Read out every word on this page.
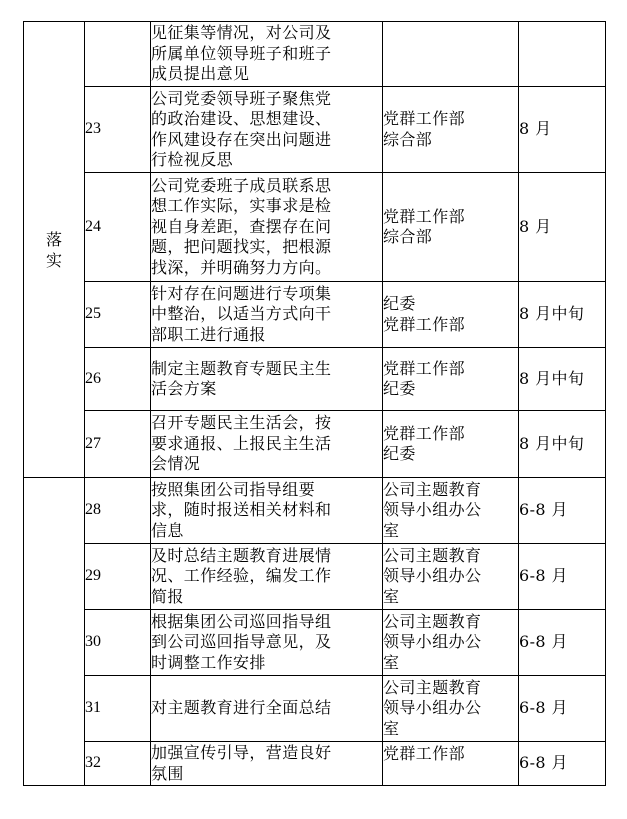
落实		见征集等情况，对公司及
所属单位领导班子和班子
成员提出意见		

	23	公司党委领导班子聚焦党
的政治建设、思想建设、
作风建设存在突出问题进
行检视反思	党群工作部
综合部	8 月
	24	公司党委班子成员联系思
想工作实际，实事求是检
视自身差距，查摆存在问
题，把问题找实，把根源
找深，并明确努力方向。	党群工作部
综合部	8 月
	25	针对存在问题进行专项集
中整治，以适当方式向干
部职工进行通报	纪委
党群工作部	8 月中旬
	26	制定主题教育专题民主生
活会方案	党群工作部
纪委	8 月中旬
	27	召开专题民主生活会，按
要求通报、上报民主生活
会情况	党群工作部
纪委	8 月中旬
	28	按照集团公司指导组要
求，随时报送相关材料和
信息	公司主题教育
领导小组办公
室	6-8 月
	29	及时总结主题教育进展情
况、工作经验，编发工作
简报	公司主题教育
领导小组办公
室	6-8 月
	30	根据集团公司巡回指导组
到公司巡回指导意见，及
时调整工作安排	公司主题教育
领导小组办公
室	6-8 月
	31	对主题教育进行全面总结	公司主题教育
领导小组办公
室	6-8 月
	32	加强宣传引导，营造良好
氛围	党群工作部	6-8 月
